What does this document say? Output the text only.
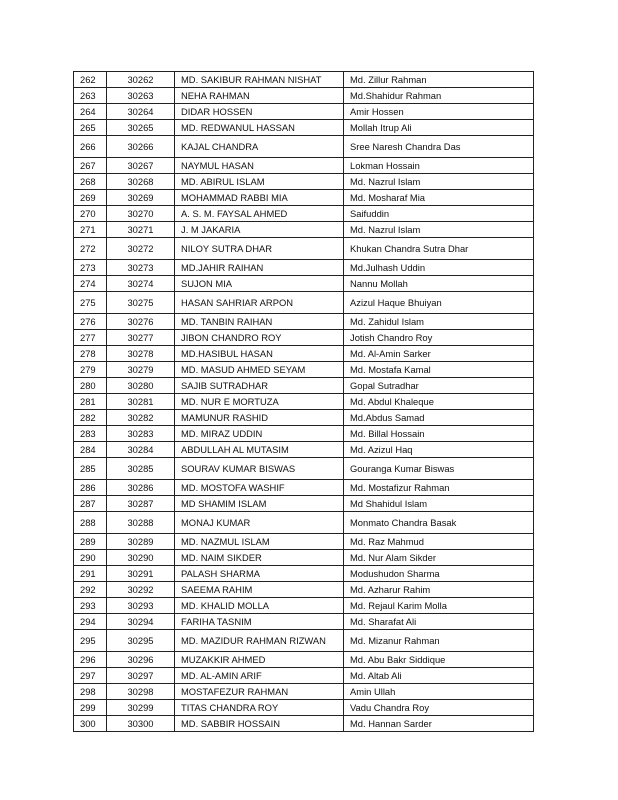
262	30262	MD. SAKIBUR RAHMAN NISHAT	Md. Zillur Rahman
263	30263	NEHA RAHMAN	Md.Shahidur Rahman
264	30264	DIDAR HOSSEN	Amir Hossen
265	30265	MD. REDWANUL HASSAN	Mollah Itrup Ali
266	30266	KAJAL CHANDRA	Sree Naresh Chandra Das
267	30267	NAYMUL HASAN	Lokman Hossain
268	30268	MD. ABIRUL ISLAM	Md. Nazrul Islam
269	30269	MOHAMMAD RABBI MIA	Md. Mosharaf Mia
270	30270	A. S. M. FAYSAL AHMED	Saifuddin
271	30271	J. M JAKARIA	Md. Nazrul Islam
272	30272	NILOY SUTRA DHAR	Khukan Chandra Sutra Dhar
273	30273	MD.JAHIR RAIHAN	Md.Julhash Uddin
274	30274	SUJON MIA	Nannu Mollah
275	30275	HASAN SAHRIAR ARPON	Azizul Haque Bhuiyan
276	30276	MD. TANBIN RAIHAN	Md. Zahidul Islam
277	30277	JIBON CHANDRO ROY	Jotish Chandro Roy
278	30278	MD.HASIBUL HASAN	Md. Al-Amin Sarker
279	30279	MD. MASUD AHMED SEYAM	Md. Mostafa Kamal
280	30280	SAJIB SUTRADHAR	Gopal Sutradhar
281	30281	MD. NUR E MORTUZA	Md. Abdul Khaleque
282	30282	MAMUNUR RASHID	Md.Abdus Samad
283	30283	MD. MIRAZ UDDIN	Md. Billal Hossain
284	30284	ABDULLAH AL MUTASIM	Md. Azizul Haq
285	30285	SOURAV KUMAR BISWAS	Gouranga Kumar Biswas
286	30286	MD. MOSTOFA WASHIF	Md. Mostafizur Rahman
287	30287	MD SHAMIM ISLAM	Md Shahidul Islam
288	30288	MONAJ KUMAR	Monmato Chandra Basak
289	30289	MD. NAZMUL ISLAM	Md. Raz Mahmud
290	30290	MD. NAIM SIKDER	Md. Nur Alam Sikder
291	30291	PALASH SHARMA	Modushudon Sharma
292	30292	SAEEMA RAHIM	Md. Azharur Rahim
293	30293	MD. KHALID MOLLA	Md. Rejaul Karim Molla
294	30294	FARIHA TASNIM	Md. Sharafat Ali
295	30295	MD. MAZIDUR RAHMAN RIZWAN	Md. Mizanur Rahman
296	30296	MUZAKKIR AHMED	Md. Abu Bakr Siddique
297	30297	MD. AL-AMIN ARIF	Md. Altab Ali
298	30298	MOSTAFEZUR RAHMAN	Amin Ullah
299	30299	TITAS CHANDRA ROY	Vadu Chandra Roy
300	30300	MD. SABBIR HOSSAIN	Md. Hannan Sarder
